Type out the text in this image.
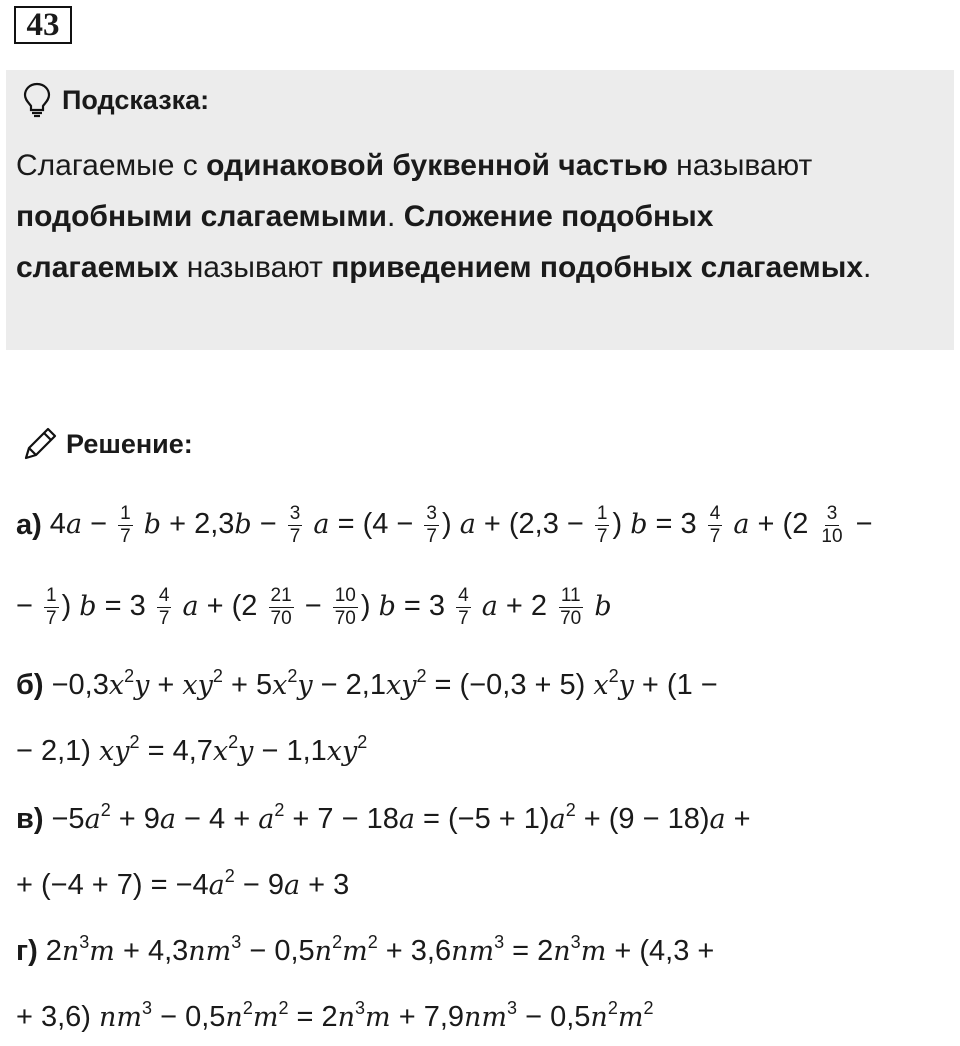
43
Подсказка:
Слагаемые с одинаковой буквенной частью называют
подобными слагаемыми. Сложение подобных
слагаемых называют приведением подобных слагаемых.
Решение:
а) $4a - \frac{1}{7}$ $b + 2,3b - \frac{3}{7}$ $a = (4 - \frac{3}{7}$ ) $a + (2,3 - \frac{1}{7}$ ) $b = 3 \frac{4}{7}$ $a + (2 \frac{3}{10}$ −
− $\frac{1}{7}$ ) $b = 3 \frac{4}{7}$ $a + (2 \frac{21}{70} - \frac{10}{70}$ ) $b = 3 \frac{4}{7}$ $a + 2 \frac{11}{70}$ b
$б) -0,3x^2y + xy^2 + 5x^2y - 2,1xy^2 = (-0,3 + 5) x^2y + (1$ −
− 2,1) $xy^2 = 4,7x^2y - 1,1xy^2$
$в) -5a^2 + 9a - 4 + a^2 + 7 - 18a = (-5 + 1)a^2 + (9 - 18)a$ +
+ $(-4 + 7) = -4a^2 - 9a + 3$
г) $2n^3m + 4,3nm^3 - 0,5n^2m^2 + 3,6nm^3 = 2n^3m + (4,3$ +
+ 3,6) $nm^3 - 0,5n^2m^2 = 2n^3m + 7,9nm^3 - 0,5n^2m^2$
